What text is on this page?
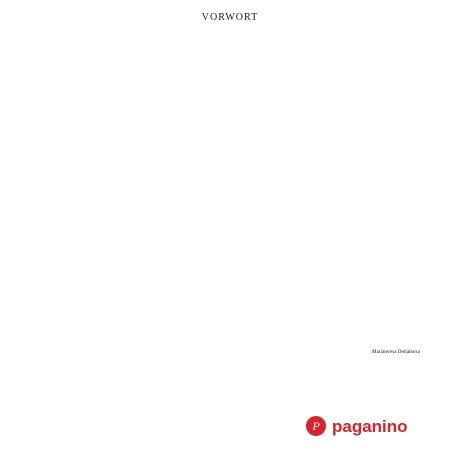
VORWORT

Mariateresa Dellaborra
P paganino
